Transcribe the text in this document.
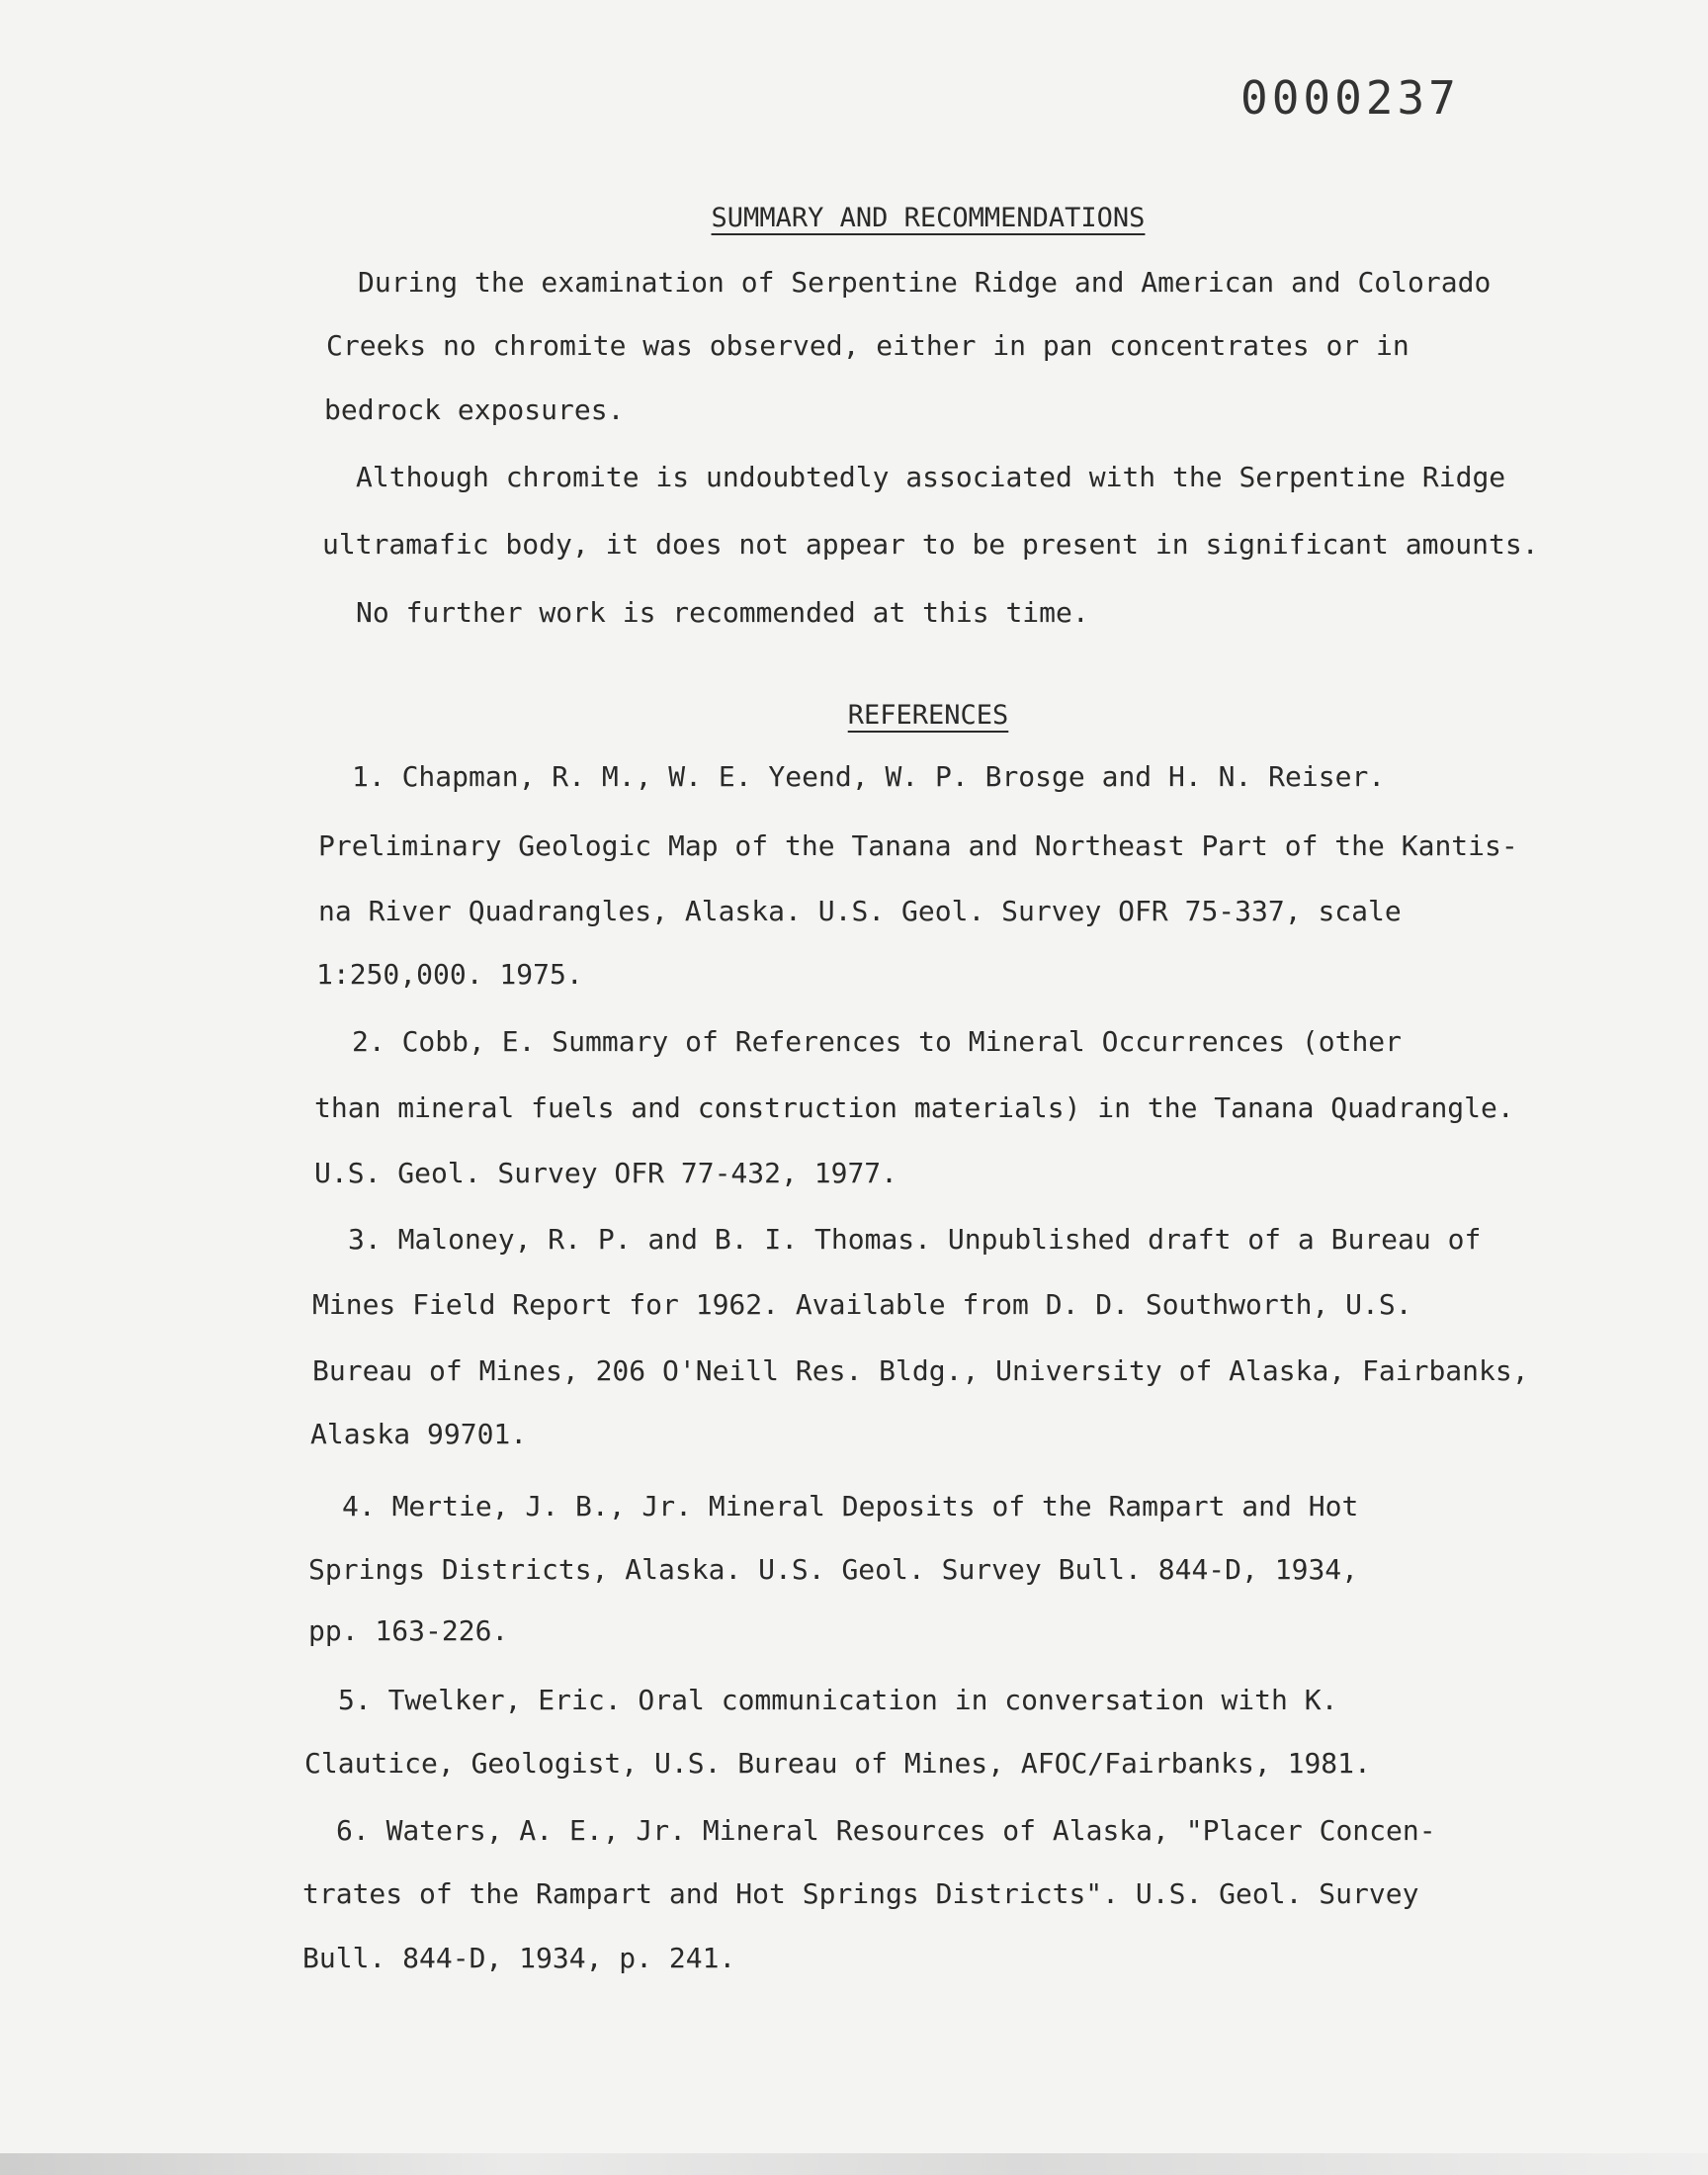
0000237
SUMMARY AND RECOMMENDATIONS
During the examination of Serpentine Ridge and American and Colorado
Creeks no chromite was observed, either in pan concentrates or in
bedrock exposures.
Although chromite is undoubtedly associated with the Serpentine Ridge
ultramafic body, it does not appear to be present in significant amounts.
No further work is recommended at this time.
REFERENCES
1. Chapman, R. M., W. E. Yeend, W. P. Brosge and H. N. Reiser.
Preliminary Geologic Map of the Tanana and Northeast Part of the Kantis-
na River Quadrangles, Alaska. U.S. Geol. Survey OFR 75-337, scale
1:250,000. 1975.
2. Cobb, E. Summary of References to Mineral Occurrences (other
than mineral fuels and construction materials) in the Tanana Quadrangle.
U.S. Geol. Survey OFR 77-432, 1977.
3. Maloney, R. P. and B. I. Thomas. Unpublished draft of a Bureau of
Mines Field Report for 1962. Available from D. D. Southworth, U.S.
Bureau of Mines, 206 O'Neill Res. Bldg., University of Alaska, Fairbanks,
Alaska 99701.
4. Mertie, J. B., Jr. Mineral Deposits of the Rampart and Hot
Springs Districts, Alaska. U.S. Geol. Survey Bull. 844-D, 1934,
pp. 163-226.
5. Twelker, Eric. Oral communication in conversation with K.
Clautice, Geologist, U.S. Bureau of Mines, AFOC/Fairbanks, 1981.
6. Waters, A. E., Jr. Mineral Resources of Alaska, "Placer Concen-
trates of the Rampart and Hot Springs Districts". U.S. Geol. Survey
Bull. 844-D, 1934, p. 241.
